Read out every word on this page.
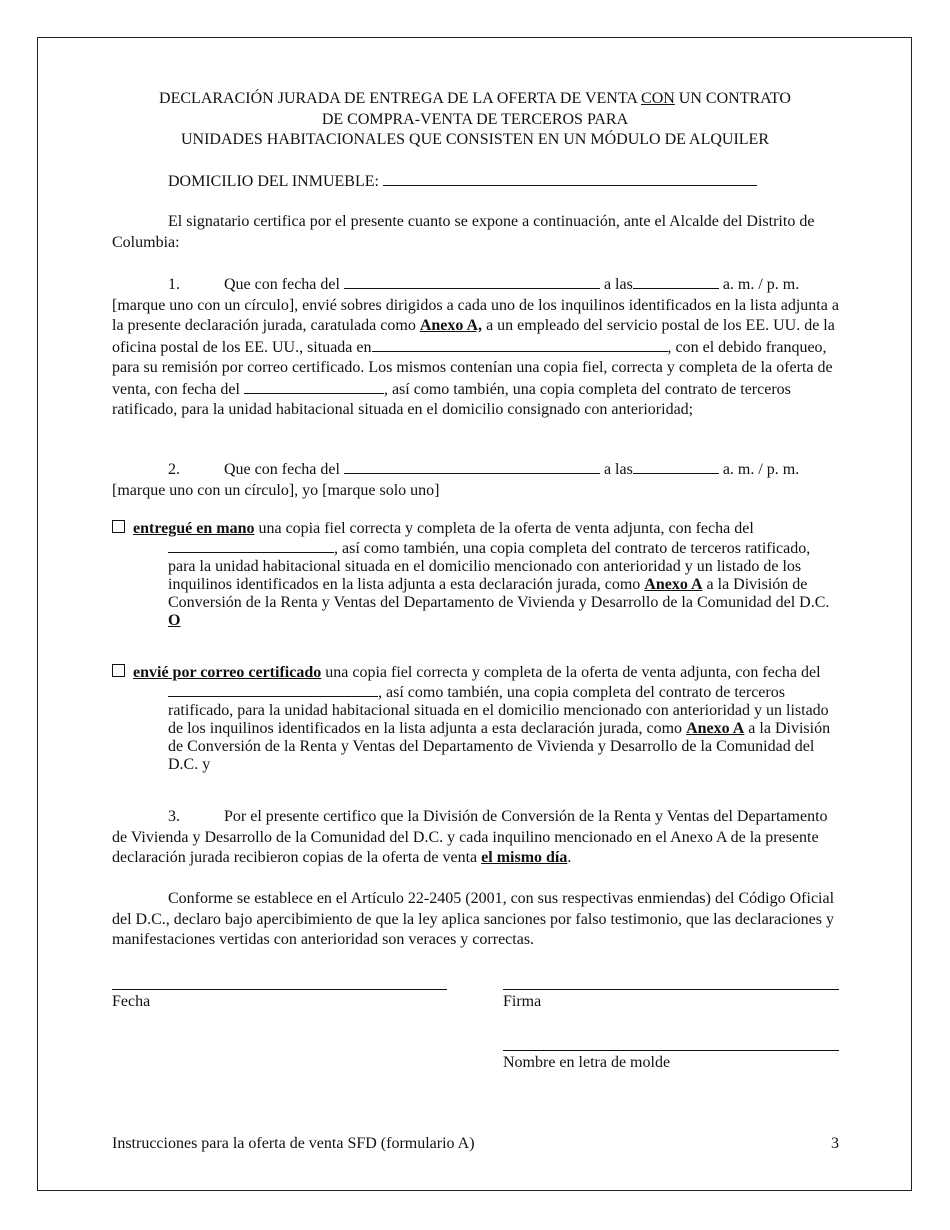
DECLARACIÓN JURADA DE ENTREGA DE LA OFERTA DE VENTA CON UN CONTRATO
DE COMPRA-VENTA DE TERCEROS PARA
UNIDADES HABITACIONALES QUE CONSISTEN EN UN MÓDULO DE ALQUILER

DOMICILIO DEL INMUEBLE:

El signatario certifica por el presente cuanto se expone a continuación, ante el Alcalde del Distrito de Columbia:

1.	Que con fecha del	a las	a. m. / p. m. [marque uno con un círculo], envié sobres dirigidos a cada uno de los inquilinos identificados en la lista adjunta a la presente declaración jurada, caratulada como Anexo A, a un empleado del servicio postal de los EE. UU. de la oficina postal de los EE. UU., situada en	, con el debido franqueo, para su remisión por correo certificado. Los mismos contenían una copia fiel, correcta y completa de la oferta de venta, con fecha del	, así como también, una copia completa del contrato de terceros ratificado, para la unidad habitacional situada en el domicilio consignado con anterioridad;

2.	Que con fecha del	a las	a. m. / p. m. [marque uno con un círculo], yo [marque solo uno]

entregué en mano una copia fiel correcta y completa de la oferta de venta adjunta, con fecha del , así como también, una copia completa del contrato de terceros ratificado, para la unidad habitacional situada en el domicilio mencionado con anterioridad y un listado de los inquilinos identificados en la lista adjunta a esta declaración jurada, como Anexo A a la División de Conversión de la Renta y Ventas del Departamento de Vivienda y Desarrollo de la Comunidad del D.C. O

envié por correo certificado una copia fiel correcta y completa de la oferta de venta adjunta, con fecha del , así como también, una copia completa del contrato de terceros ratificado, para la unidad habitacional situada en el domicilio mencionado con anterioridad y un listado de los inquilinos identificados en la lista adjunta a esta declaración jurada, como Anexo A a la División de Conversión de la Renta y Ventas del Departamento de Vivienda y Desarrollo de la Comunidad del D.C. y

3.	Por el presente certifico que la División de Conversión de la Renta y Ventas del Departamento de Vivienda y Desarrollo de la Comunidad del D.C. y cada inquilino mencionado en el Anexo A de la presente declaración jurada recibieron copias de la oferta de venta el mismo día.

Conforme se establece en el Artículo 22-2405 (2001, con sus respectivas enmiendas) del Código Oficial del D.C., declaro bajo apercibimiento de que la ley aplica sanciones por falso testimonio, que las declaraciones y manifestaciones vertidas con anterioridad son veraces y correctas.

Fecha	Firma
Nombre en letra de molde
Instrucciones para la oferta de venta SFD (formulario A)	3
